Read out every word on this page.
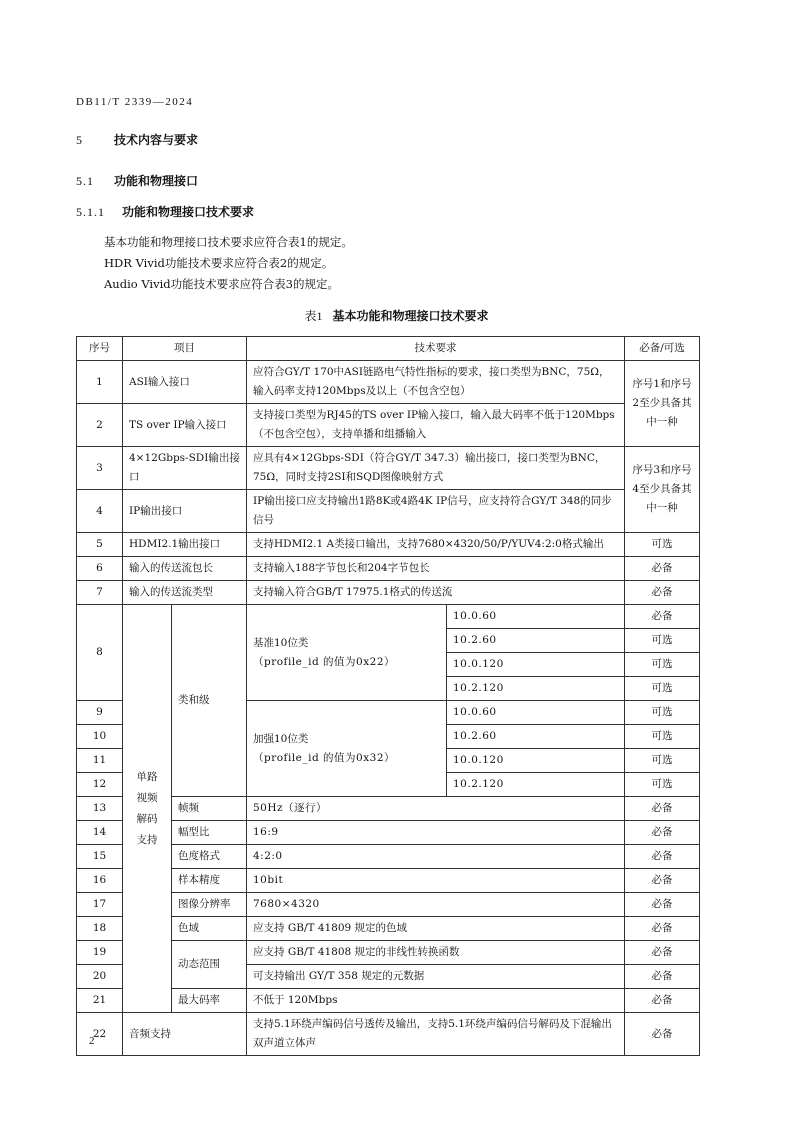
DB11/T 2339—2024
5	技术内容与要求
5.1 功能和物理接口
5.1.1 功能和物理接口技术要求
基本功能和物理接口技术要求应符合表1的规定。
HDR Vivid功能技术要求应符合表2的规定。
Audio Vivid功能技术要求应符合表3的规定。
表1 基本功能和物理接口技术要求
序号	项目		技术要求		必备/可选
1	ASI输入接口		应符合GY/T 170中ASI链路电气特性指标的要求，接口类型为BNC，75Ω，输入码率支持120Mbps及以上（不包含空包）		序号1和序号2至少具备其中一种
2	TS over IP输入接口		支持接口类型为RJ45的TS over IP输入接口，输入最大码率不低于120Mbps（不包含空包），支持单播和组播输入		
3	4×12Gbps-SDI输出接口		应具有4×12Gbps-SDI（符合GY/T 347.3）输出接口，接口类型为BNC，75Ω，同时支持2SI和SQD图像映射方式		序号3和序号4至少具备其中一种
4	IP输出接口		IP输出接口应支持输出1路8K或4路4K IP信号，应支持符合GY/T 348的同步信号		
5	HDMI2.1输出接口		支持HDMI2.1 A类接口输出，支持7680×4320/50/P/YUV4:2:0格式输出		可选
6	输入的传送流包长		支持输入188字节包长和204字节包长		必备
7	输入的传送流类型		支持输入符合GB/T 17975.1格式的传送流		必备
8	单路视频解码支持	类和级	基准10位类
（profile_id 的值为0x22）	10.0.60	必备
				10.2.60	可选
				10.0.120	可选
				10.2.120	可选
9			加强10位类
（profile_id 的值为0x32）	10.0.60	可选
10				10.2.60	可选
11				10.0.120	可选
12				10.2.120	可选
13		帧频	50Hz（逐行）		必备
14		幅型比	16:9		必备
15		色度格式	4:2:0		必备
16		样本精度	10bit		必备
17		图像分辨率	7680×4320		必备
18		色域	应支持 GB/T 41809 规定的色域		必备
19		动态范围	应支持 GB/T 41808 规定的非线性转换函数		必备
20			可支持输出 GY/T 358 规定的元数据		必备
21		最大码率	不低于 120Mbps		必备
22	音频支持		支持5.1环绕声编码信号透传及输出，支持5.1环绕声编码信号解码及下混输出双声道立体声		必备
2
